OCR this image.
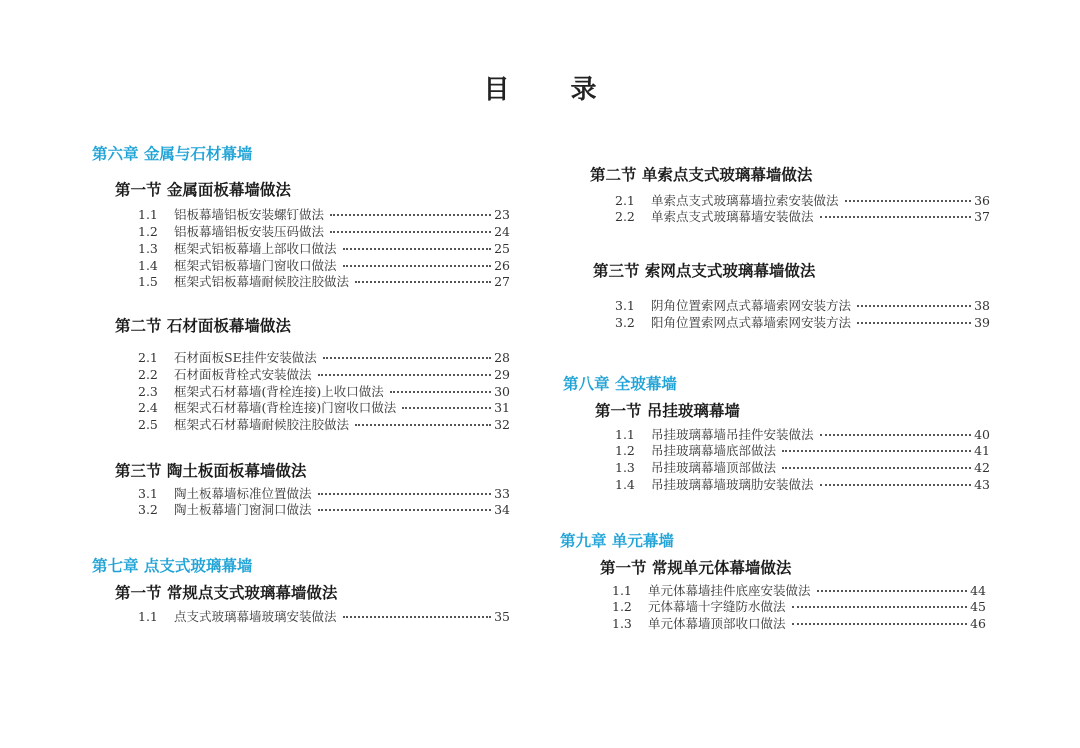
目 录
第六章 金属与石材幕墙
第一节 金属面板幕墙做法
1.1	铝板幕墙铝板安装螺钉做法	23
1.2	铝板幕墙铝板安装压码做法	24
1.3	框架式铝板幕墙上部收口做法	25
1.4	框架式铝板幕墙门窗收口做法	26
1.5	框架式铝板幕墙耐候胶注胶做法	27
第二节 石材面板幕墙做法
2.1	石材面板SE挂件安装做法	28
2.2	石材面板背栓式安装做法	29
2.3	框架式石材幕墙(背栓连接)上收口做法	30
2.4	框架式石材幕墙(背栓连接)门窗收口做法	31
2.5	框架式石材幕墙耐候胶注胶做法	32
第三节 陶土板面板幕墙做法
3.1	陶土板幕墙标准位置做法	33
3.2	陶土板幕墙门窗洞口做法	34
第七章 点支式玻璃幕墙
第一节 常规点支式玻璃幕墙做法
1.1	点支式玻璃幕墙玻璃安装做法	35
第二节 单索点支式玻璃幕墙做法
2.1	单索点支式玻璃幕墙拉索安装做法	36
2.2	单索点支式玻璃幕墙安装做法	37
第三节 索网点支式玻璃幕墙做法
3.1	阴角位置索网点式幕墙索网安装方法	38
3.2	阳角位置索网点式幕墙索网安装方法	39
第八章 全玻幕墙
第一节 吊挂玻璃幕墙
1.1	吊挂玻璃幕墙吊挂件安装做法	40
1.2	吊挂玻璃幕墙底部做法	41
1.3	吊挂玻璃幕墙顶部做法	42
1.4	吊挂玻璃幕墙玻璃肋安装做法	43
第九章 单元幕墙
第一节 常规单元体幕墙做法
1.1	单元体幕墙挂件底座安装做法	44
1.2	元体幕墙十字缝防水做法	45
1.3	单元体幕墙顶部收口做法	46
